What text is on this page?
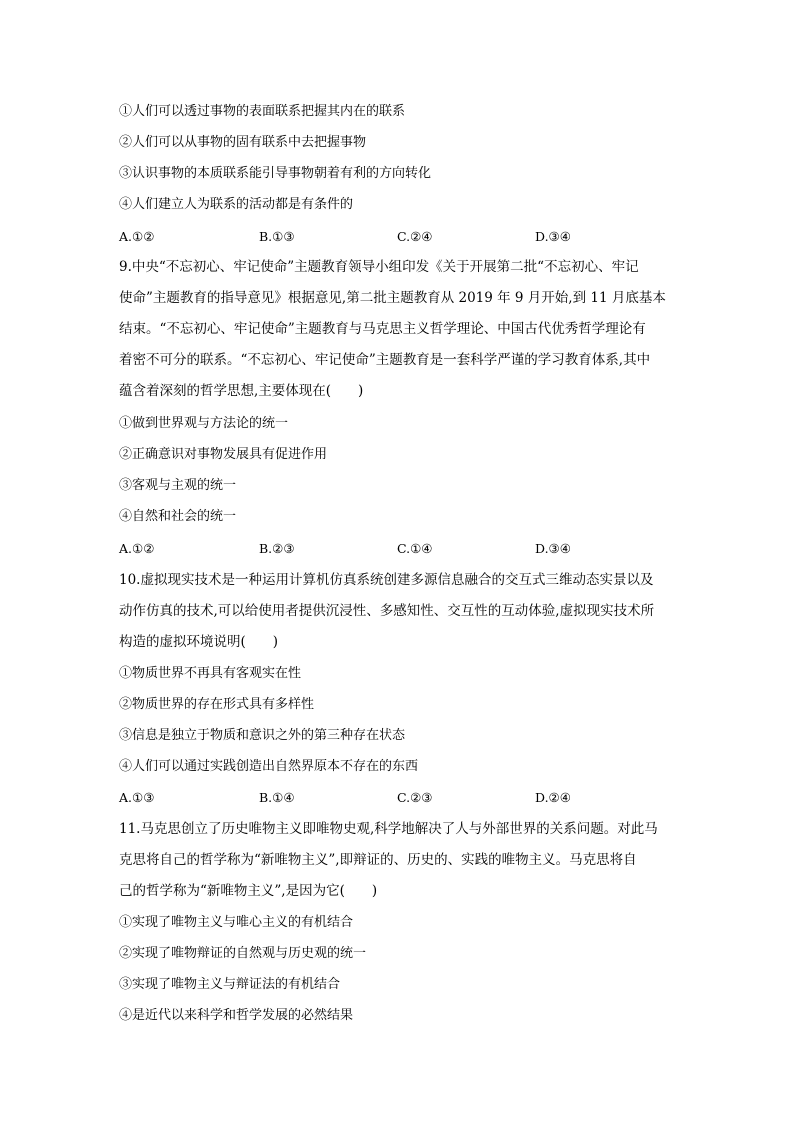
①人们可以透过事物的表面联系把握其内在的联系
②人们可以从事物的固有联系中去把握事物
③认识事物的本质联系能引导事物朝着有利的方向转化
④人们建立人为联系的活动都是有条件的
A.①②	B.①③	C.②④	D.③④
9.中央“不忘初心、牢记使命”主题教育领导小组印发《关于开展第二批“不忘初心、牢记
使命”主题教育的指导意见》根据意见,第二批主题教育从 2019 年 9 月开始,到 11 月底基本
结束。“不忘初心、牢记使命”主题教育与马克思主义哲学理论、中国古代优秀哲学理论有
着密不可分的联系。“不忘初心、牢记使命”主题教育是一套科学严谨的学习教育体系,其中
蕴含着深刻的哲学思想,主要体现在(　　)
①做到世界观与方法论的统一
②正确意识对事物发展具有促进作用
③客观与主观的统一
④自然和社会的统一
A.①②	B.②③	C.①④	D.③④
10.虚拟现实技术是一种运用计算机仿真系统创建多源信息融合的交互式三维动态实景以及
动作仿真的技术,可以给使用者提供沉浸性、多感知性、交互性的互动体验,虚拟现实技术所
构造的虚拟环境说明(　　)
①物质世界不再具有客观实在性
②物质世界的存在形式具有多样性
③信息是独立于物质和意识之外的第三种存在状态
④人们可以通过实践创造出自然界原本不存在的东西
A.①③	B.①④	C.②③	D.②④
11.马克思创立了历史唯物主义即唯物史观,科学地解决了人与外部世界的关系问题。对此马
克思将自己的哲学称为“新唯物主义”,即辩证的、历史的、实践的唯物主义。马克思将自
己的哲学称为“新唯物主义”,是因为它(　　)
①实现了唯物主义与唯心主义的有机结合
②实现了唯物辩证的自然观与历史观的统一
③实现了唯物主义与辩证法的有机结合
④是近代以来科学和哲学发展的必然结果
